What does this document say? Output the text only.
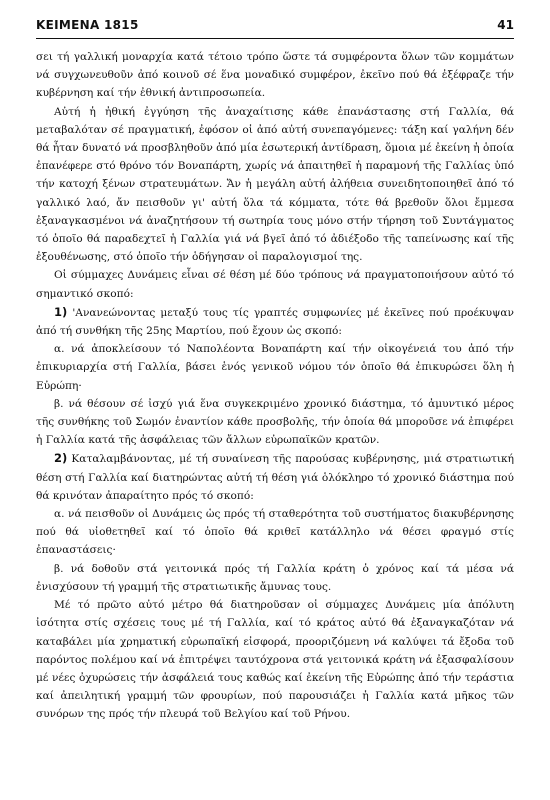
ΚΕΙΜΕΝΑ 1815	41

σει τή γαλλική μοναρχία κατά τέτοιο τρόπο ὥστε τά συμφέροντα ὅλων τῶν κομμάτων νά συγχωνευθοῦν ἀπό κοινοῦ σέ ἕνα μοναδικό συμφέρον, ἐκεῖνο πού θά ἐξέφραζε τήν κυβέρνηση καί τήν ἐθνική ἀντιπροσωπεία.

Αὐτή ἡ ἠθική ἐγγύηση τῆς ἀναχαίτισης κάθε ἐπανάστασης στή Γαλλία, θά μεταβαλόταν σέ πραγματική, ἐφόσον οἱ ἀπό αὐτή συνεπαγόμενες: τάξη καί γαλήνη δέν θά ἦταν δυνατό νά προσβληθοῦν ἀπό μία ἐσωτερική ἀντίδραση, ὅμοια μέ ἐκείνη ἡ ὁποία ἐπανέφερε στό θρόνο τόν Βοναπάρτη, χωρίς νά ἀπαιτηθεῖ ἡ παραμονή τῆς Γαλλίας ὑπό τήν κατοχή ξένων στρατευμάτων. Ἄν ἡ μεγάλη αὐτή ἀλήθεια συνειδητοποιηθεῖ ἀπό τό γαλλικό λαό, ἄν πεισθοῦν γι' αὐτή ὅλα τά κόμματα, τότε θά βρεθοῦν ὅλοι ἔμμεσα ἐξαναγκασμένοι νά ἀναζητήσουν τή σωτηρία τους μόνο στήν τήρηση τοῦ Συντάγματος τό ὁποῖο θά παραδεχτεῖ ἡ Γαλλία γιά νά βγεῖ ἀπό τό ἀδιέξοδο τῆς ταπείνωσης καί τῆς ἐξουθένωσης, στό ὁποῖο τήν ὁδήγησαν οἱ παραλογισμοί της.

Οἱ σύμμαχες Δυνάμεις εἶναι σέ θέση μέ δύο τρόπους νά πραγματοποιήσουν αὐτό τό σημαντικό σκοπό:

1) 'Ανανεώνοντας μεταξύ τους τίς γραπτές συμφωνίες μέ ἐκεῖνες πού προέκυψαν ἀπό τή συνθήκη τῆς 25ης Μαρτίου, πού ἔχουν ὡς σκοπό:

α. νά ἀποκλείσουν τό Ναπολέοντα Βοναπάρτη καί τήν οἰκογένειά του ἀπό τήν ἐπικυριαρχία στή Γαλλία, βάσει ἑνός γενικοῦ νόμου τόν ὁποῖο θά ἐπικυρώσει ὅλη ἡ Εὐρώπη·

β. νά θέσουν σέ ἰσχύ γιά ἕνα συγκεκριμένο χρονικό διάστημα, τό ἀμυντικό μέρος τῆς συνθήκης τοῦ Σωμόν ἐναντίον κάθε προσβολῆς, τήν ὁποία θά μποροῦσε νά ἐπιφέρει ἡ Γαλλία κατά τῆς ἀσφάλειας τῶν ἄλλων εὐρωπαϊκῶν κρατῶν.

2) Καταλαμβάνοντας, μέ τή συναίνεση τῆς παρούσας κυβέρνησης, μιά στρατιωτική θέση στή Γαλλία καί διατηρώντας αὐτή τή θέση γιά ὁλόκληρο τό χρονικό διάστημα πού θά κρινόταν ἀπαραίτητο πρός τό σκοπό:

α. νά πεισθοῦν οἱ Δυνάμεις ὡς πρός τή σταθερότητα τοῦ συστήματος διακυβέρνησης πού θά υἱοθετηθεῖ καί τό ὁποῖο θά κριθεῖ κατάλληλο νά θέσει φραγμό στίς ἐπαναστάσεις·

β. νά δοθοῦν στά γειτονικά πρός τή Γαλλία κράτη ὁ χρόνος καί τά μέσα νά ἐνισχύσουν τή γραμμή τῆς στρατιωτικῆς ἄμυνας τους.

Μέ τό πρῶτο αὐτό μέτρο θά διατηροῦσαν οἱ σύμμαχες Δυνάμεις μία ἀπόλυτη ἰσότητα στίς σχέσεις τους μέ τή Γαλλία, καί τό κράτος αὐτό θά ἐξαναγκαζόταν νά καταβάλει μία χρηματική εὐρωπαϊκή εἰσφορά, προοριζόμενη νά καλύψει τά ἔξοδα τοῦ παρόντος πολέμου καί νά ἐπιτρέψει ταυτόχρονα στά γειτονικά κράτη νά ἐξασφαλίσουν μέ νέες ὀχυρώσεις τήν ἀσφάλειά τους καθώς καί ἐκείνη τῆς Εὐρώπης ἀπό τήν τεράστια καί ἀπειλητική γραμμή τῶν φρουρίων, πού παρουσιάζει ἡ Γαλλία κατά μῆκος τῶν συνόρων της πρός τήν πλευρά τοῦ Βελγίου καί τοῦ Ρήνου.
